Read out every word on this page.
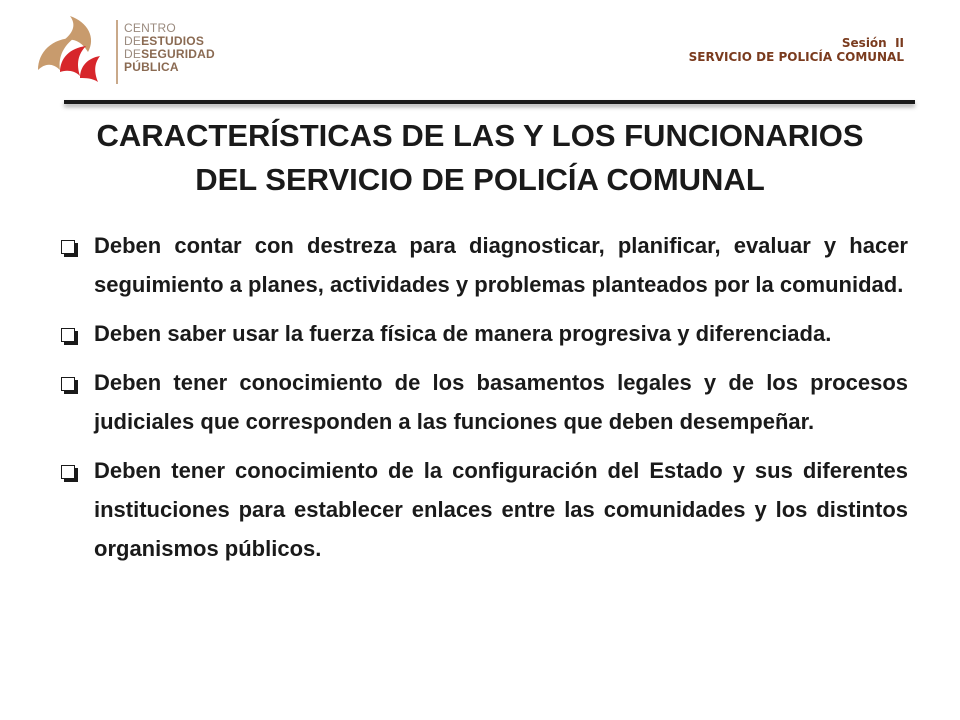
CENTRO
DEESTUDIOS
DESEGURIDAD
PÚBLICA
Sesión  II
SERVICIO DE POLICÍA COMUNAL
CARACTERÍSTICAS DE LAS Y LOS FUNCIONARIOS
DEL SERVICIO DE POLICÍA COMUNAL
Deben contar con destreza para diagnosticar, planificar, evaluar y hacer seguimiento a planes, actividades y problemas planteados por la comunidad.
Deben saber usar la fuerza física de manera progresiva y diferenciada.
Deben tener conocimiento de los basamentos legales y de los procesos judiciales que corresponden a las funciones que deben desempeñar.
Deben tener conocimiento de la configuración del Estado y sus diferentes instituciones para establecer enlaces entre las comunidades y los distintos organismos públicos.
